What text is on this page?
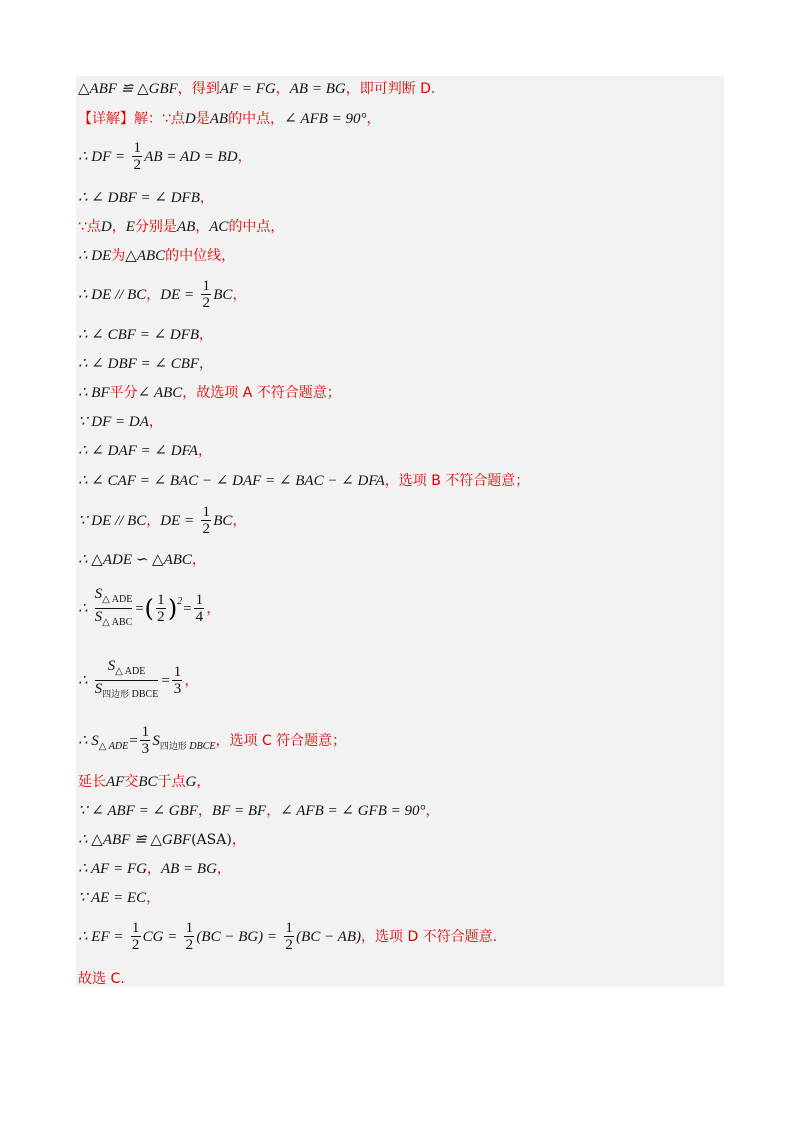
△ABF ≌ △GBF，得到AF = FG，AB = BG，即可判断 D.
【详解】解：∵点D是AB的中点，∠ AFB = 90°，
∴ DF = $\frac{1}{2}$ AB = AD = BD，
∴ ∠ DBF = ∠ DFB，
∵点D，E分别是AB，AC的中点，
∴ DE为△ABC的中位线，
∴ DE // BC，DE = $\frac{1}{2}$ BC，
∴ ∠ CBF = ∠ DFB，
∴ ∠ DBF = ∠ CBF，
∴ BF平分∠ ABC，故选项 A 不符合题意；
∵ DF = DA，
∴ ∠ DAF = ∠ DFA，
∴ ∠ CAF = ∠ BAC − ∠ DAF = ∠ BAC − ∠ DFA，选项 B 不符合题意；
∵ DE // BC，DE = $\frac{1}{2}$ BC，
∴ △ADE ∽ △ABC，
∴ $\frac{S_{\triangle ADE}}{S_{\triangle ABC}}$ =( $\frac{1}{2} )^2= \frac{1}{4}$ ，
∴ $\frac{S_{\triangle ADE}}{S_{四边形 DBCE}} = \frac{1}{3}$ ，
∴ $S_{\triangle ADE}= \frac{1}{3} S_{四边形 DBCE}$，选项 C 符合题意；
延长AF交BC于点G，
∵ ∠ ABF = ∠ GBF，BF = BF，∠ AFB = ∠ GFB = 90°，
∴ △ABF ≌ △GBF(ASA)，
∴ AF = FG，AB = BG，
∵ AE = EC，
∴ EF = $\frac{1}{2}$ CG = $\frac{1}{2} (BC - BG) = \frac{1}{2} (BC - AB)$，选项 D 不符合题意.
故选 C.
